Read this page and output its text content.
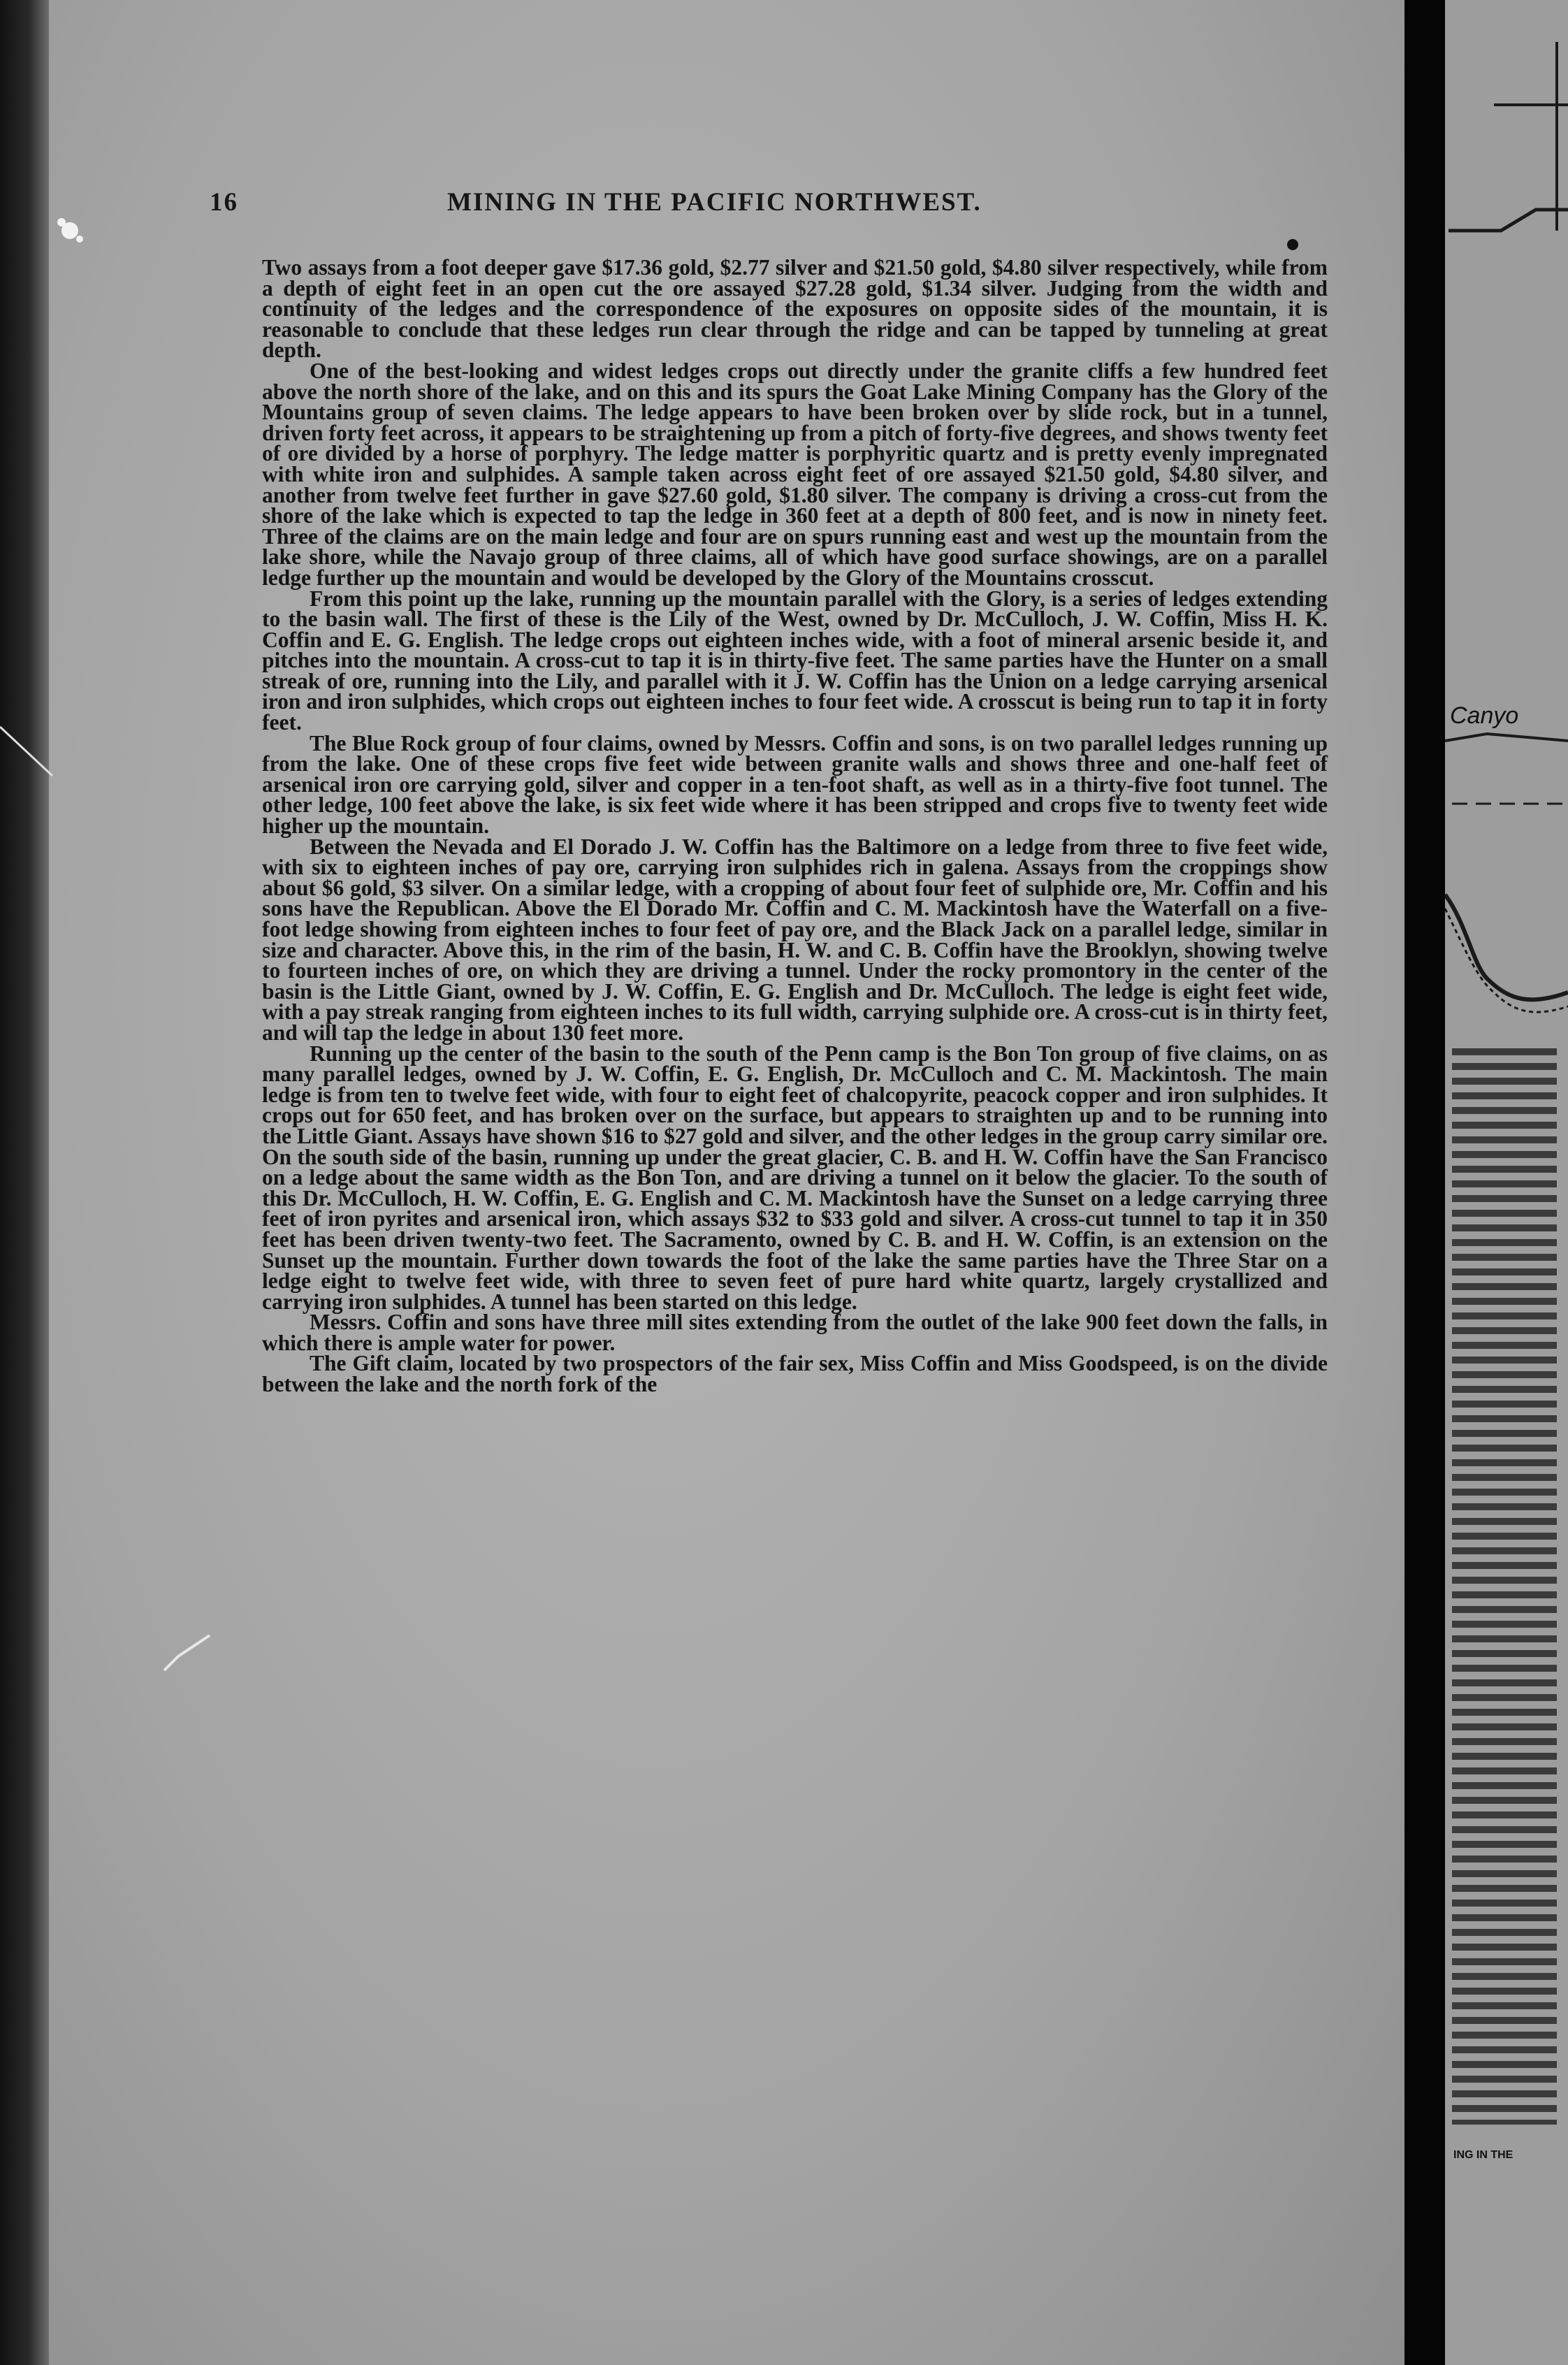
16	MINING IN THE PACIFIC NORTHWEST.

Two assays from a foot deeper gave $17.36 gold, $2.77 silver and $21.50 gold, $4.80 silver respectively, while from a depth of eight feet in an open cut the ore assayed $27.28 gold, $1.34 silver. Judging from the width and continuity of the ledges and the correspondence of the exposures on opposite sides of the mountain, it is reasonable to conclude that these ledges run clear through the ridge and can be tapped by tunneling at great depth.

One of the best-looking and widest ledges crops out directly under the granite cliffs a few hundred feet above the north shore of the lake, and on this and its spurs the Goat Lake Mining Company has the Glory of the Mountains group of seven claims. The ledge appears to have been broken over by slide rock, but in a tunnel, driven forty feet across, it appears to be straightening up from a pitch of forty-five degrees, and shows twenty feet of ore divided by a horse of porphyry. The ledge matter is porphyritic quartz and is pretty evenly impregnated with white iron and sulphides. A sample taken across eight feet of ore assayed $21.50 gold, $4.80 silver, and another from twelve feet further in gave $27.60 gold, $1.80 silver. The company is driving a cross-cut from the shore of the lake which is expected to tap the ledge in 360 feet at a depth of 800 feet, and is now in ninety feet. Three of the claims are on the main ledge and four are on spurs running east and west up the mountain from the lake shore, while the Navajo group of three claims, all of which have good surface showings, are on a parallel ledge further up the mountain and would be developed by the Glory of the Mountains crosscut.

From this point up the lake, running up the mountain parallel with the Glory, is a series of ledges extending to the basin wall. The first of these is the Lily of the West, owned by Dr. McCulloch, J. W. Coffin, Miss H. K. Coffin and E. G. English. The ledge crops out eighteen inches wide, with a foot of mineral arsenic beside it, and pitches into the mountain. A cross-cut to tap it is in thirty-five feet. The same parties have the Hunter on a small streak of ore, running into the Lily, and parallel with it J. W. Coffin has the Union on a ledge carrying arsenical iron and iron sulphides, which crops out eighteen inches to four feet wide. A crosscut is being run to tap it in forty feet.

The Blue Rock group of four claims, owned by Messrs. Coffin and sons, is on two parallel ledges running up from the lake. One of these crops five feet wide between granite walls and shows three and one-half feet of arsenical iron ore carrying gold, silver and copper in a ten-foot shaft, as well as in a thirty-five foot tunnel. The other ledge, 100 feet above the lake, is six feet wide where it has been stripped and crops five to twenty feet wide higher up the mountain.

Between the Nevada and El Dorado J. W. Coffin has the Baltimore on a ledge from three to five feet wide, with six to eighteen inches of pay ore, carrying iron sulphides rich in galena. Assays from the croppings show about $6 gold, $3 silver. On a similar ledge, with a cropping of about four feet of sulphide ore, Mr. Coffin and his sons have the Republican. Above the El Dorado Mr. Coffin and C. M. Mackintosh have the Waterfall on a five-foot ledge showing from eighteen inches to four feet of pay ore, and the Black Jack on a parallel ledge, similar in size and character. Above this, in the rim of the basin, H. W. and C. B. Coffin have the Brooklyn, showing twelve to fourteen inches of ore, on which they are driving a tunnel. Under the rocky promontory in the center of the basin is the Little Giant, owned by J. W. Coffin, E. G. English and Dr. McCulloch. The ledge is eight feet wide, with a pay streak ranging from eighteen inches to its full width, carrying sulphide ore. A cross-cut is in thirty feet, and will tap the ledge in about 130 feet more.

Running up the center of the basin to the south of the Penn camp is the Bon Ton group of five claims, on as many parallel ledges, owned by J. W. Coffin, E. G. English, Dr. McCulloch and C. M. Mackintosh. The main ledge is from ten to twelve feet wide, with four to eight feet of chalcopyrite, peacock copper and iron sulphides. It crops out for 650 feet, and has broken over on the surface, but appears to straighten up and to be running into the Little Giant. Assays have shown $16 to $27 gold and silver, and the other ledges in the group carry similar ore. On the south side of the basin, running up under the great glacier, C. B. and H. W. Coffin have the San Francisco on a ledge about the same width as the Bon Ton, and are driving a tunnel on it below the glacier. To the south of this Dr. McCulloch, H. W. Coffin, E. G. English and C. M. Mackintosh have the Sunset on a ledge carrying three feet of iron pyrites and arsenical iron, which assays $32 to $33 gold and silver. A cross-cut tunnel to tap it in 350 feet has been driven twenty-two feet. The Sacramento, owned by C. B. and H. W. Coffin, is an extension on the Sunset up the mountain. Further down towards the foot of the lake the same parties have the Three Star on a ledge eight to twelve feet wide, with three to seven feet of pure hard white quartz, largely crystallized and carrying iron sulphides. A tunnel has been started on this ledge.

Messrs. Coffin and sons have three mill sites extending from the outlet of the lake 900 feet down the falls, in which there is ample water for power.

The Gift claim, located by two prospectors of the fair sex, Miss Coffin and Miss Goodspeed, is on the divide between the lake and the north fork of the

Canyo
ING IN THE
